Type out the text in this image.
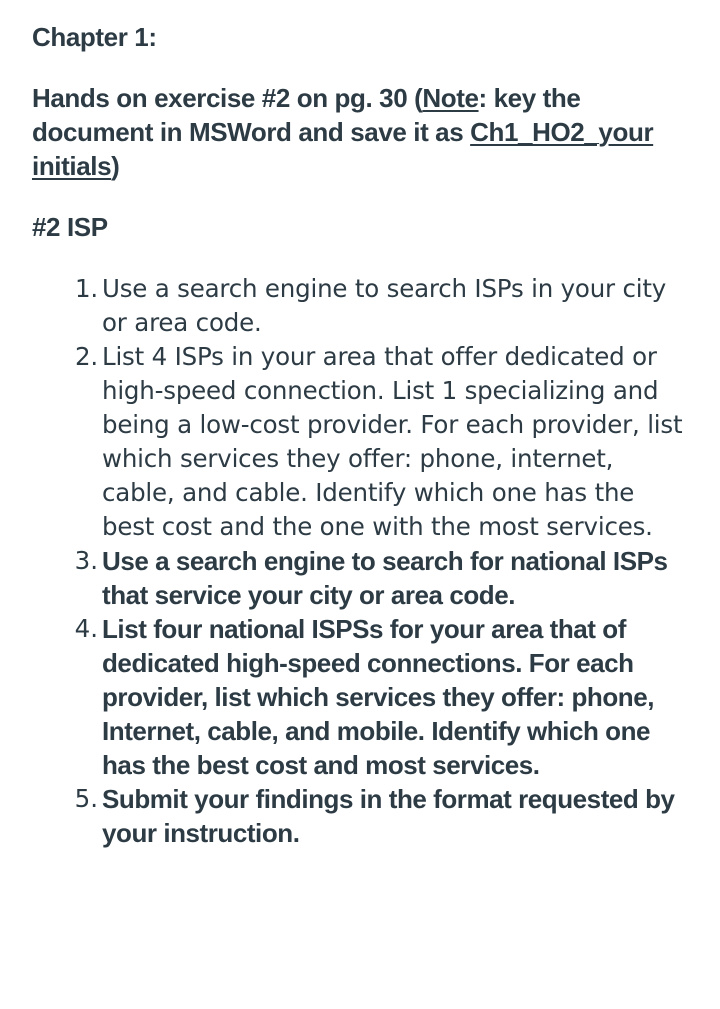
Chapter 1:

Hands on exercise #2 on pg. 30 (Note: key the document in MSWord and save it as Ch1_HO2_your initials)

#2 ISP

1. Use a search engine to search ISPs in your city or area code.
2. List 4 ISPs in your area that offer dedicated or high-speed connection. List 1 specializing and being a low-cost provider. For each provider, list which services they offer: phone, internet, cable, and cable. Identify which one has the best cost and the one with the most services.
3. Use a search engine to search for national ISPs that service your city or area code.
4. List four national ISPSs for your area that of dedicated high-speed connections. For each provider, list which services they offer: phone, Internet, cable, and mobile. Identify which one has the best cost and most services.
5. Submit your findings in the format requested by your instruction.
